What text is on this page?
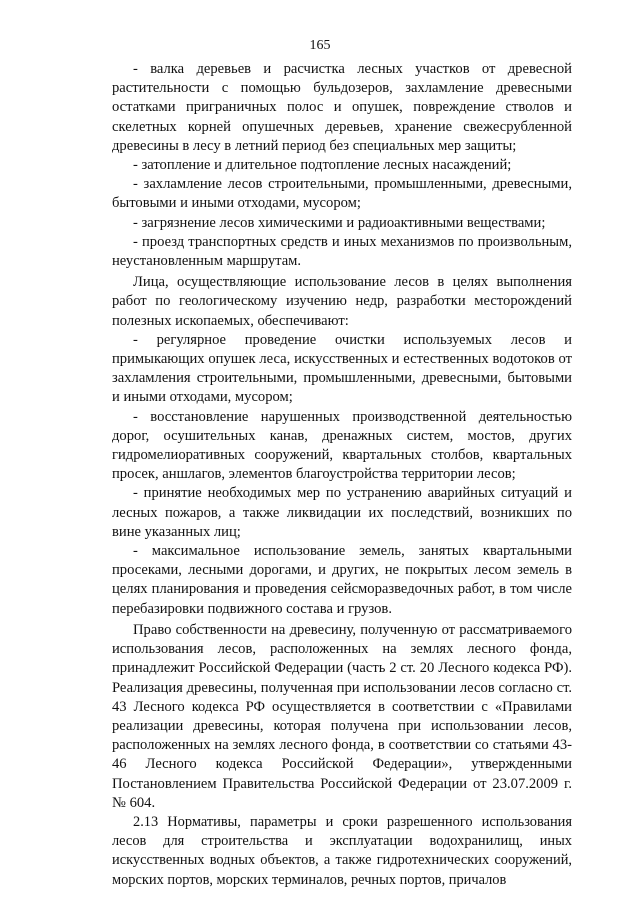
165

- валка деревьев и расчистка лесных участков от древесной растительности с помощью бульдозеров, захламление древесными остатками приграничных полос и опушек, повреждение стволов и скелетных корней опушечных деревьев, хранение свежесрубленной древесины в лесу в летний период без специальных мер защиты;

- затопление и длительное подтопление лесных насаждений;

- захламление лесов строительными, промышленными, древесными, бытовыми и иными отходами, мусором;

- загрязнение лесов химическими и радиоактивными веществами;

- проезд транспортных средств и иных механизмов по произвольным, неустановленным маршрутам.

Лица, осуществляющие использование лесов в целях выполнения работ по геологическому изучению недр, разработки месторождений полезных ископаемых, обеспечивают:

- регулярное проведение очистки используемых лесов и примыкающих опушек леса, искусственных и естественных водотоков от захламления строительными, промышленными, древесными, бытовыми и иными отходами, мусором;

- восстановление нарушенных производственной деятельностью дорог, осушительных канав, дренажных систем, мостов, других гидромелиоративных сооружений, квартальных столбов, квартальных просек, аншлагов, элементов благоустройства территории лесов;

- принятие необходимых мер по устранению аварийных ситуаций и лесных пожаров, а также ликвидации их последствий, возникших по вине указанных лиц;

- максимальное использование земель, занятых квартальными просеками, лесными дорогами, и других, не покрытых лесом земель в целях планирования и проведения сейсморазведочных работ, в том числе перебазировки подвижного состава и грузов.

Право собственности на древесину, полученную от рассматриваемого использования лесов, расположенных на землях лесного фонда, принадлежит Российской Федерации (часть 2 ст. 20 Лесного кодекса РФ). Реализация древесины, полученная при использовании лесов согласно ст. 43 Лесного кодекса РФ осуществляется в соответствии с «Правилами реализации древесины, которая получена при использовании лесов, расположенных на землях лесного фонда, в соответствии со статьями 43-46 Лесного кодекса Российской Федерации», утвержденными Постановлением Правительства Российской Федерации от 23.07.2009 г. № 604.

2.13 Нормативы, параметры и сроки разрешенного использования лесов для строительства и эксплуатации водохранилищ, иных искусственных водных объектов, а также гидротехнических сооружений, морских портов, морских терминалов, речных портов, причалов
